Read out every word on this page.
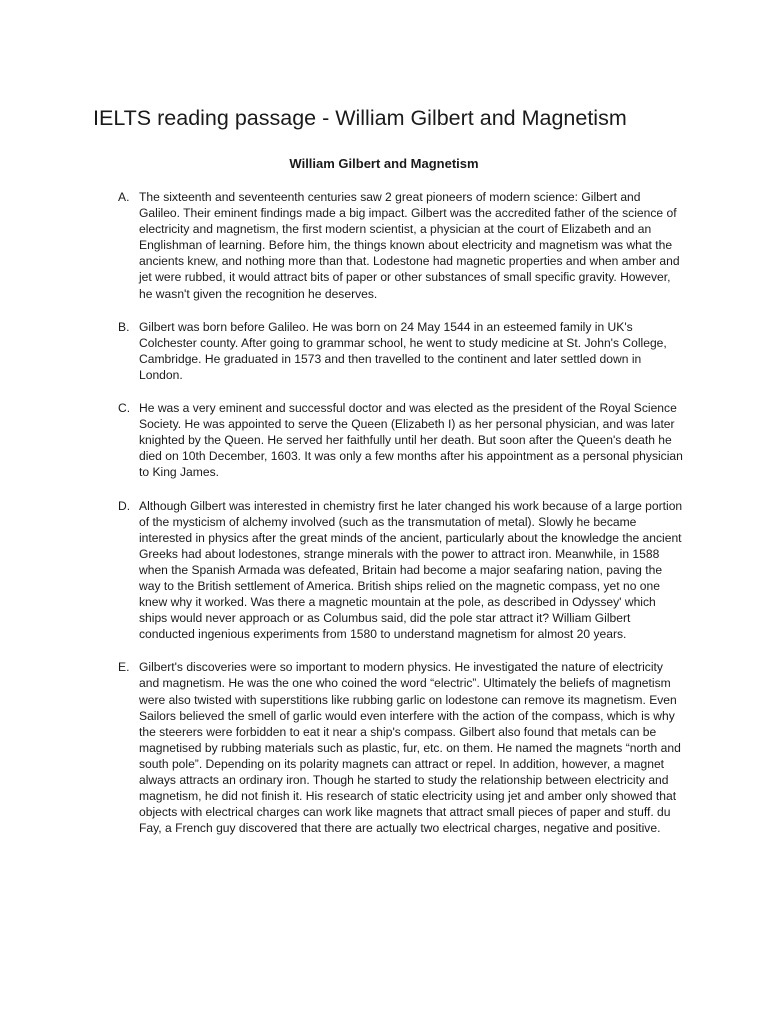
IELTS reading passage - William Gilbert and Magnetism
William Gilbert and Magnetism
A. The sixteenth and seventeenth centuries saw 2 great pioneers of modern science: Gilbert and Galileo. Their eminent findings made a big impact. Gilbert was the accredited father of the science of electricity and magnetism, the first modern scientist, a physician at the court of Elizabeth and an Englishman of learning. Before him, the things known about electricity and magnetism was what the ancients knew, and nothing more than that. Lodestone had magnetic properties and when amber and jet were rubbed, it would attract bits of paper or other substances of small specific gravity. However, he wasn't given the recognition he deserves.
B. Gilbert was born before Galileo. He was born on 24 May 1544 in an esteemed family in UK's Colchester county. After going to grammar school, he went to study medicine at St. John's College, Cambridge. He graduated in 1573 and then travelled to the continent and later settled down in London.
C. He was a very eminent and successful doctor and was elected as the president of the Royal Science Society. He was appointed to serve the Queen (Elizabeth I) as her personal physician, and was later knighted by the Queen. He served her faithfully until her death. But soon after the Queen's death he died on 10th December, 1603. It was only a few months after his appointment as a personal physician to King James.
D. Although Gilbert was interested in chemistry first he later changed his work because of a large portion of the mysticism of alchemy involved (such as the transmutation of metal). Slowly he became interested in physics after the great minds of the ancient, particularly about the knowledge the ancient Greeks had about lodestones, strange minerals with the power to attract iron. Meanwhile, in 1588 when the Spanish Armada was defeated, Britain had become a major seafaring nation, paving the way to the British settlement of America. British ships relied on the magnetic compass, yet no one knew why it worked. Was there a magnetic mountain at the pole, as described in Odyssey' which ships would never approach or as Columbus said, did the pole star attract it? William Gilbert conducted ingenious experiments from 1580 to understand magnetism for almost 20 years.
E. Gilbert's discoveries were so important to modern physics. He investigated the nature of electricity and magnetism. He was the one who coined the word “electric”. Ultimately the beliefs of magnetism were also twisted with superstitions like rubbing garlic on lodestone can remove its magnetism. Even Sailors believed the smell of garlic would even interfere with the action of the compass, which is why the steerers were forbidden to eat it near a ship's compass. Gilbert also found that metals can be magnetised by rubbing materials such as plastic, fur, etc. on them. He named the magnets “north and south pole”. Depending on its polarity magnets can attract or repel. In addition, however, a magnet always attracts an ordinary iron. Though he started to study the relationship between electricity and magnetism, he did not finish it. His research of static electricity using jet and amber only showed that objects with electrical charges can work like magnets that attract small pieces of paper and stuff. du Fay, a French guy discovered that there are actually two electrical charges, negative and positive.
